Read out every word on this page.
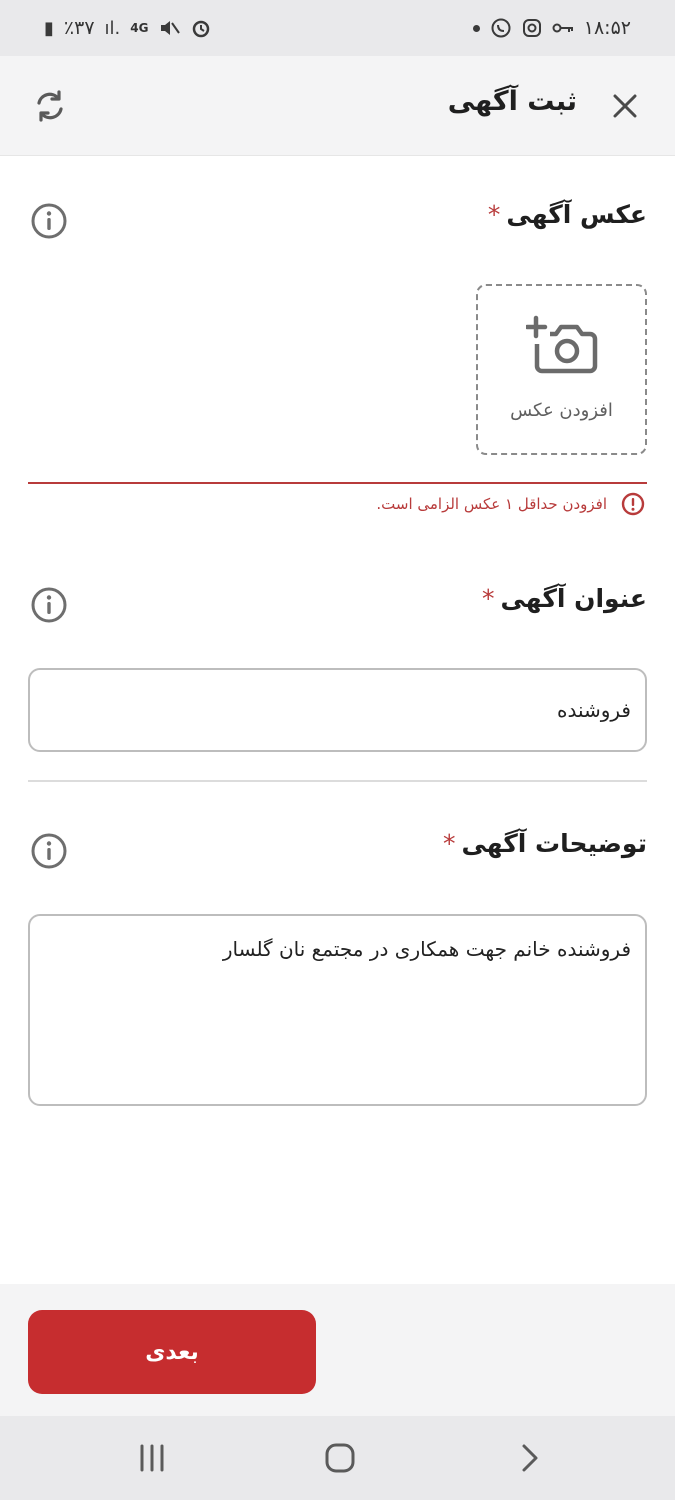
▮ ٪۳۷ ıl. 4G	۱۸:۵۲
ثبت آگهی
عکس آگهی*
افزودن عکس
افزودن حداقل ۱ عکس الزامی است.
عنوان آگهی*
فروشنده
توضیحات آگهی*
فروشنده خانم جهت همکاری در مجتمع نان گلسار
بعدی
